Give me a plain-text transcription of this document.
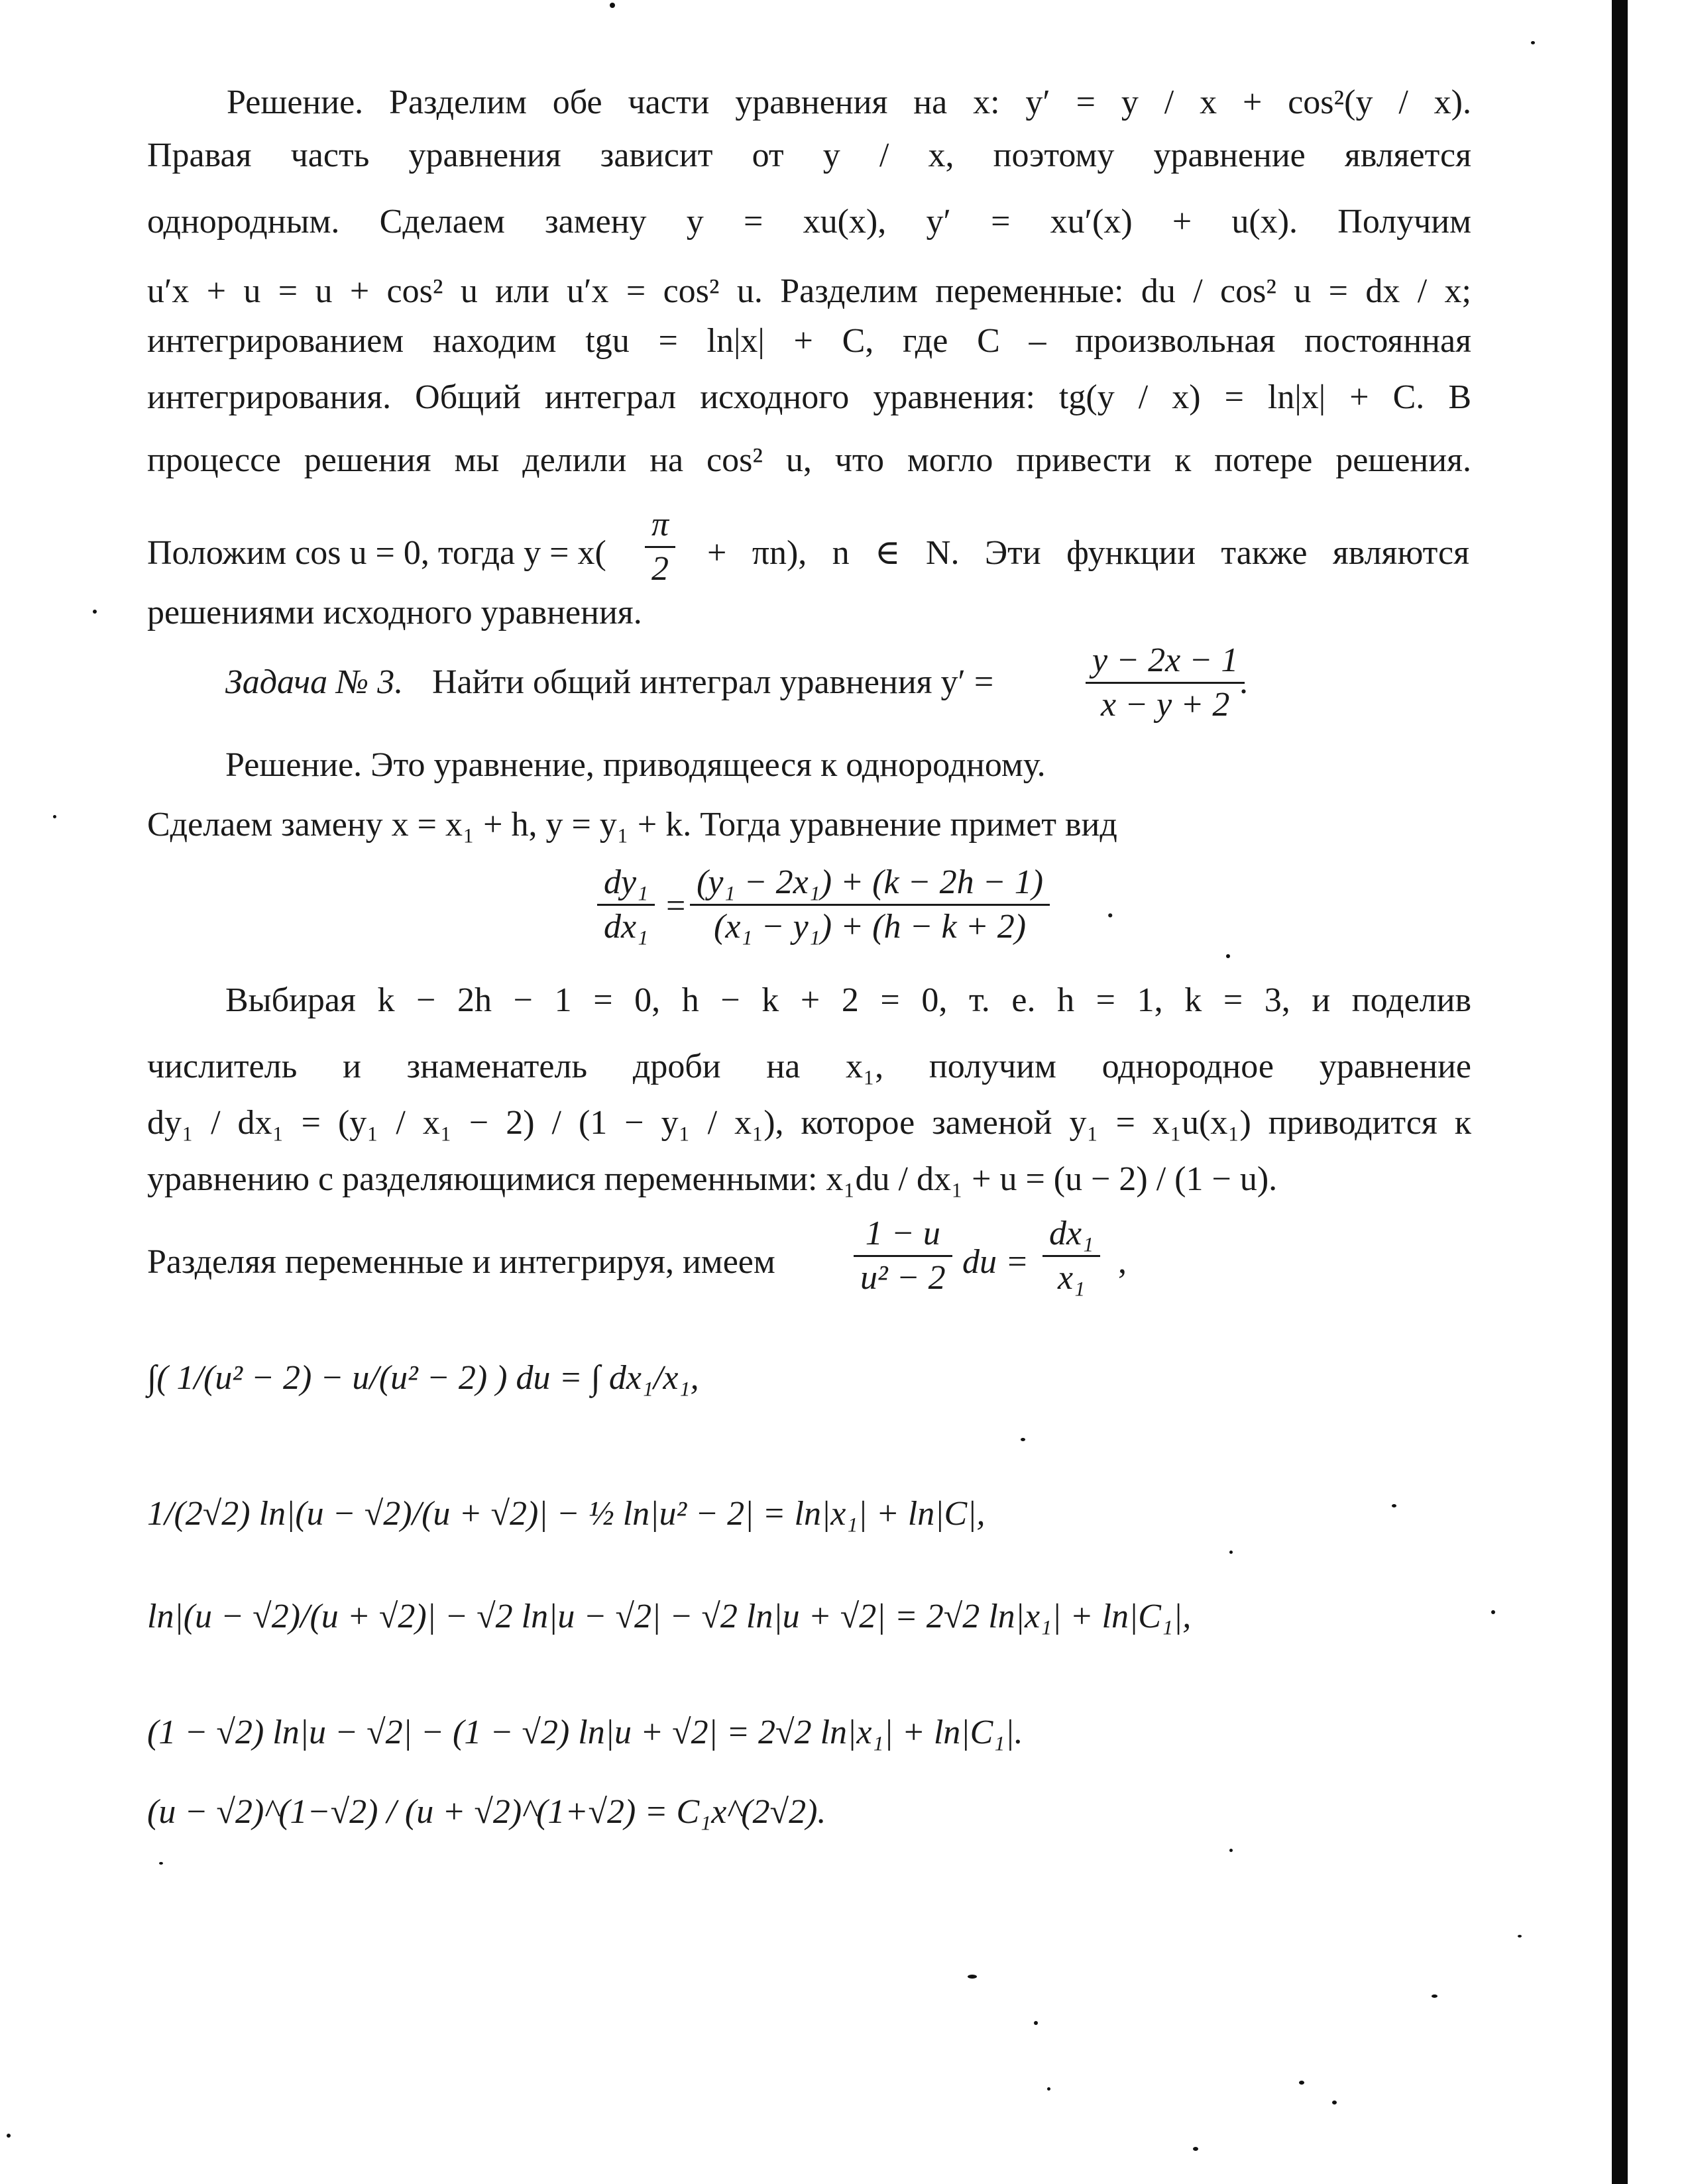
Решение. Разделим обе части уравнения на x: y′ = y / x + cos²(y / x).
Правая часть уравнения зависит от y / x, поэтому уравнение является
однородным. Сделаем замену y = xu(x), y′ = xu′(x) + u(x). Получим
u′x + u = u + cos² u или u′x = cos² u. Разделим переменные: du / cos² u = dx / x;
интегрированием находим tgu = ln|x| + C, где C – произвольная постоянная
интегрирования. Общий интеграл исходного уравнения: tg(y / x) = ln|x| + C. В
процессе решения мы делили на cos² u, что могло привести к потере решения.
Положим cos u = 0, тогда $y = x( \frac{\pi}{2} + \pi n)$, n ∈ N. Эти функции также являются
решениями исходного уравнения.
Задача № 3. Найти общий интеграл уравнения y′ =	$\frac{y - 2x - 1}{x - y + 2}$
.
Решение. Это уравнение, приводящееся к однородному.
Сделаем замену x = x₁ + h, y = y₁ + k. Тогда уравнение примет вид
$\frac{\text{dy₁}}{\text{dx₁}} = \frac{\text{(y₁ − 2x₁) + (k − 2h − 1)}}{\text{(x₁ − y₁) + (h − k + 2)}}$ .
Выбирая k − 2h − 1 = 0, h − k + 2 = 0, т. е. h = 1, k = 3, и поделив
числитель и знаменатель дроби на x₁, получим однородное уравнение
dy₁ / dx₁ = (y₁ / x₁ − 2) / (1 − y₁ / x₁), которое заменой y₁ = x₁u(x₁) приводится к
уравнению с разделяющимися переменными: x₁du / dx₁ + u = (u − 2) / (1 − u).
Разделяя переменные и интегрируя, имеем $\frac{1 - u}{\text{u² − 2}}$ du = $\frac{\text{dx₁}}{\text{x₁}}$ ,
∫( 1/(u² − 2) − u/(u² − 2) ) du = ∫ dx₁/x₁,
1/(2√2) ln|(u − √2)/(u + √2)| − ½ ln|u² − 2| = ln|x₁| + ln|C|,
ln|(u − √2)/(u + √2)| − √2 ln|u − √2| − √2 ln|u + √2| = 2√2 ln|x₁| + ln|C₁|,
(1 − √2) ln|u − √2| − (1 − √2) ln|u + √2| = 2√2 ln|x₁| + ln|C₁|.
(u − √2)^(1−√2) / (u + √2)^(1+√2) = C₁x^(2√2).
